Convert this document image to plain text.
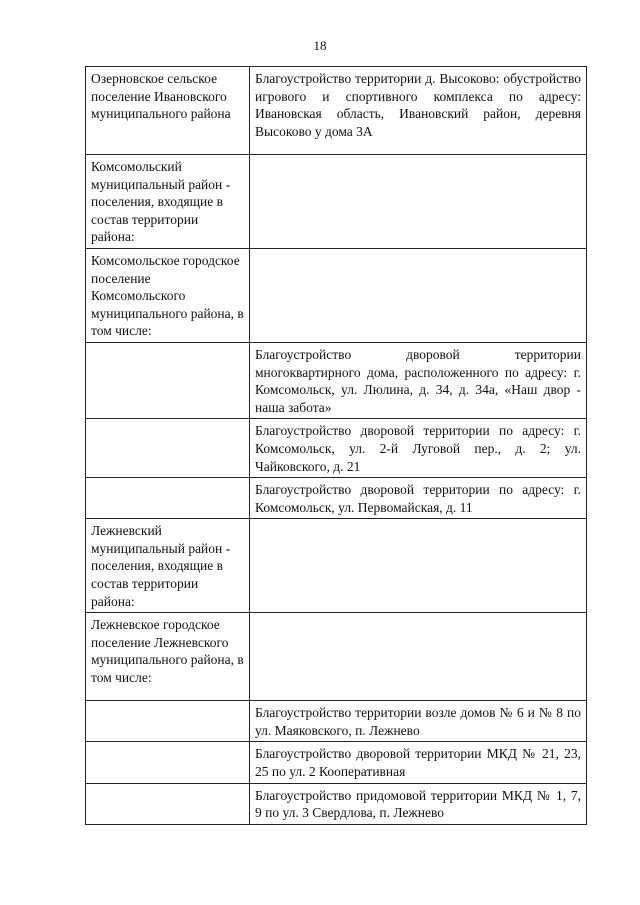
18
Озерновское сельское поселение Ивановского муниципального района	Благоустройство территории д. Высоково: обустройство игрового и спортивного комплекса по адресу: Ивановская область, Ивановский район, деревня Высоково у дома 3А

Комсомольский муниципальный район - поселения, входящие в состав территории района:	

Комсомольское городское поселение Комсомольского муниципального района, в том числе:	

	Благоустройство дворовой территории многоквартирного дома, расположенного по адресу: г. Комсомольск, ул. Люлина, д. 34, д. 34а, «Наш двор - наша забота»

	Благоустройство дворовой территории по адресу: г. Комсомольск, ул. 2-й Луговой пер., д. 2; ул. Чайковского, д. 21

	Благоустройство дворовой территории по адресу: г. Комсомольск, ул. Первомайская, д. 11

Лежневский муниципальный район - поселения, входящие в состав территории района:	

Лежневское городское поселение Лежневского муниципального района, в том числе:	

	Благоустройство территории возле домов № 6 и № 8 по ул. Маяковского, п. Лежнево

	Благоустройство дворовой территории МКД № 21, 23, 25 по ул. 2 Кооперативная

	Благоустройство придомовой территории МКД № 1, 7, 9 по ул. 3 Свердлова, п. Лежнево
